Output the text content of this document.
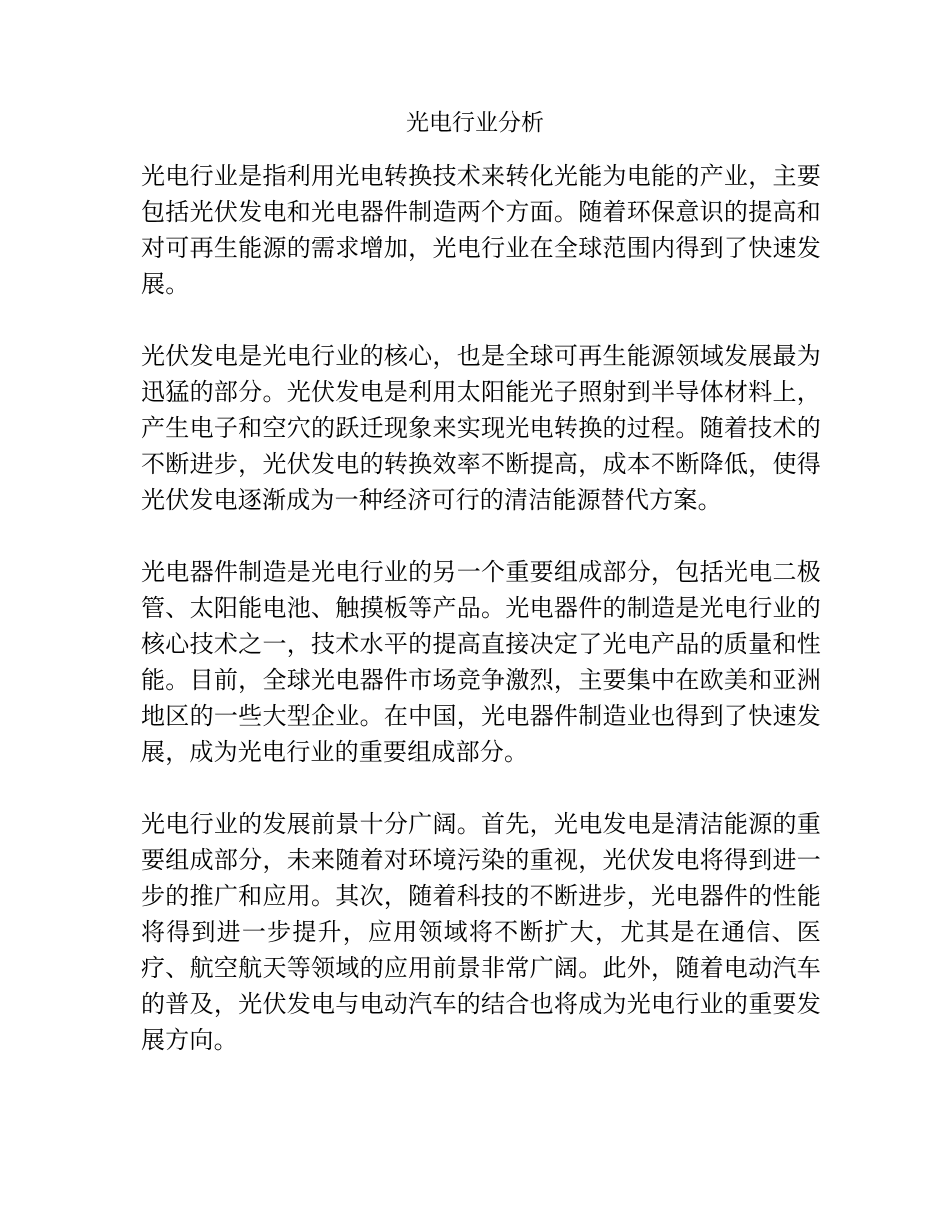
光电行业分析

光电行业是指利用光电转换技术来转化光能为电能的产业，主要包括光伏发电和光电器件制造两个方面。随着环保意识的提高和对可再生能源的需求增加，光电行业在全球范围内得到了快速发展。

光伏发电是光电行业的核心，也是全球可再生能源领域发展最为迅猛的部分。光伏发电是利用太阳能光子照射到半导体材料上，产生电子和空穴的跃迁现象来实现光电转换的过程。随着技术的不断进步，光伏发电的转换效率不断提高，成本不断降低，使得光伏发电逐渐成为一种经济可行的清洁能源替代方案。

光电器件制造是光电行业的另一个重要组成部分，包括光电二极管、太阳能电池、触摸板等产品。光电器件的制造是光电行业的核心技术之一，技术水平的提高直接决定了光电产品的质量和性能。目前，全球光电器件市场竞争激烈，主要集中在欧美和亚洲地区的一些大型企业。在中国，光电器件制造业也得到了快速发展，成为光电行业的重要组成部分。

光电行业的发展前景十分广阔。首先，光电发电是清洁能源的重要组成部分，未来随着对环境污染的重视，光伏发电将得到进一步的推广和应用。其次，随着科技的不断进步，光电器件的性能将得到进一步提升，应用领域将不断扩大，尤其是在通信、医疗、航空航天等领域的应用前景非常广阔。此外，随着电动汽车的普及，光伏发电与电动汽车的结合也将成为光电行业的重要发展方向。
